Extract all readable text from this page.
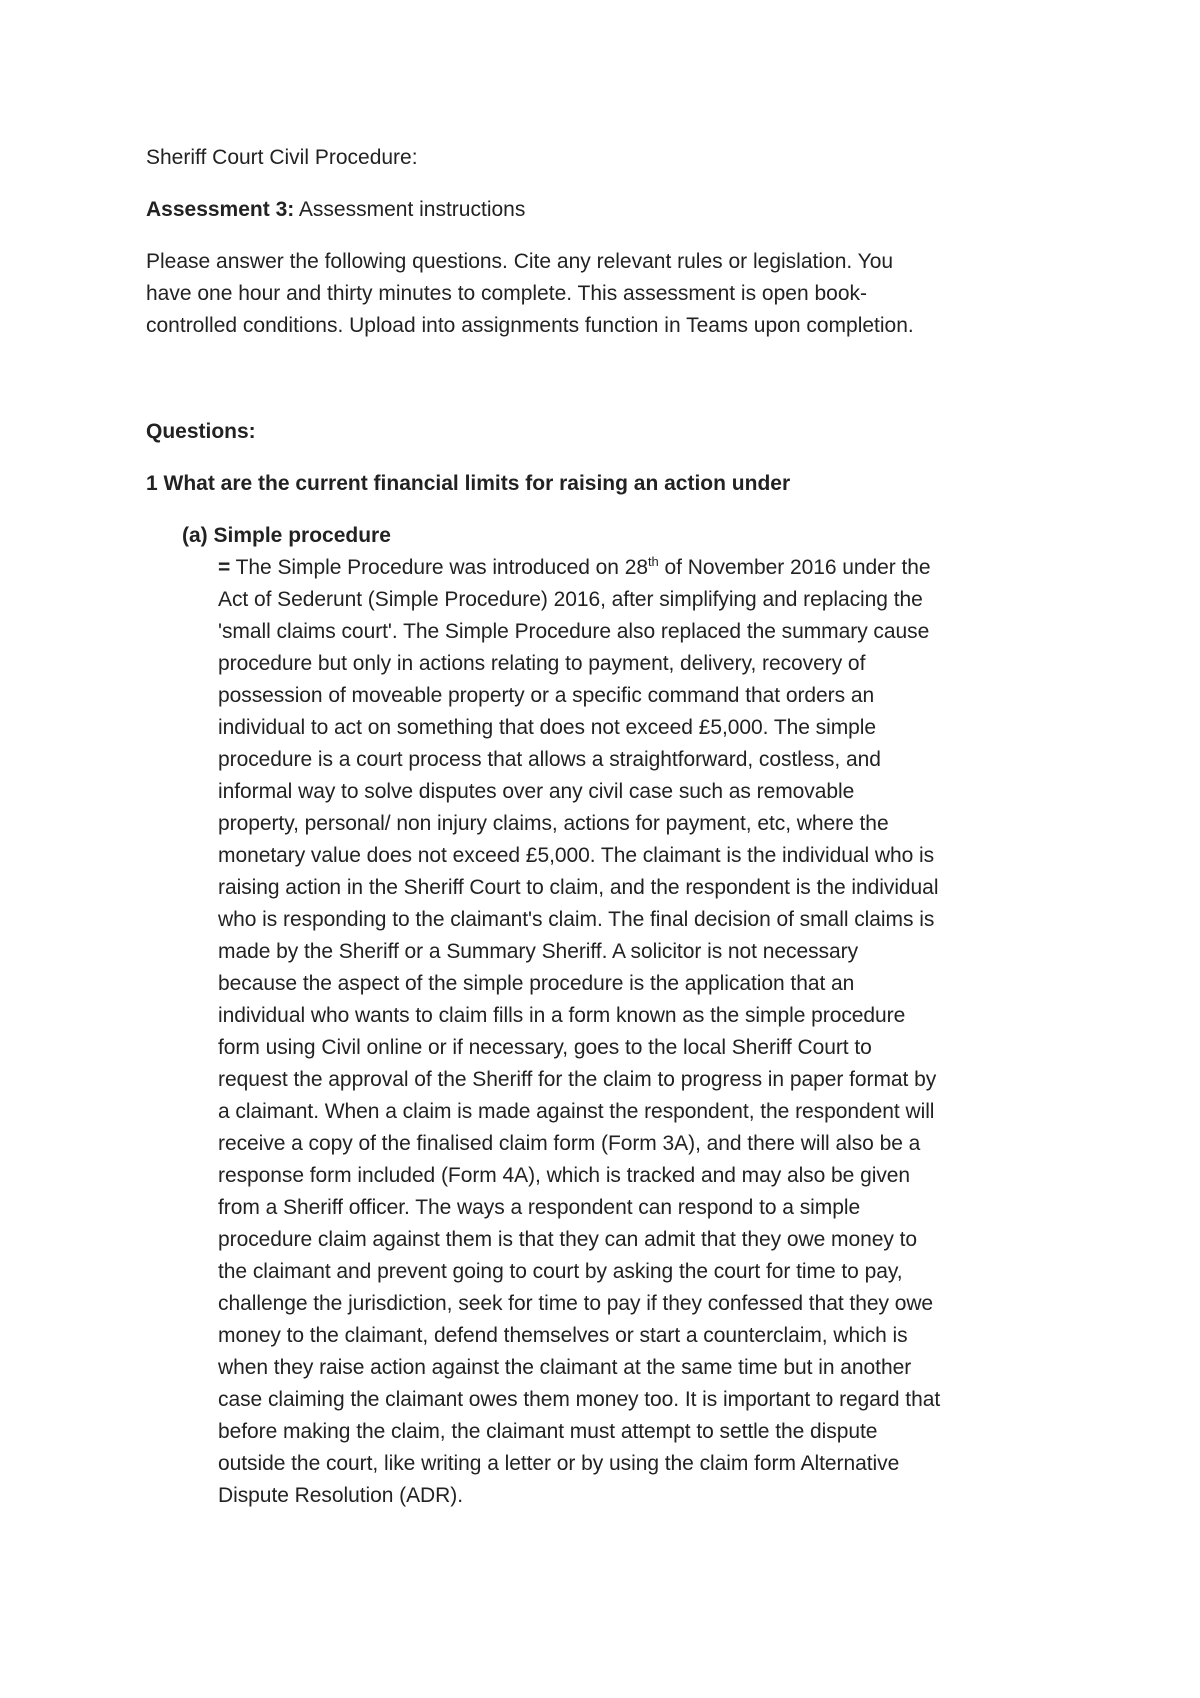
Sheriff Court Civil Procedure:

Assessment 3: Assessment instructions

Please answer the following questions. Cite any relevant rules or legislation. You

have one hour and thirty minutes to complete. This assessment is open book-

controlled conditions. Upload into assignments function in Teams upon completion.

Questions:

1 What are the current financial limits for raising an action under

(a) Simple procedure

= The Simple Procedure was introduced on 28th of November 2016 under the

Act of Sederunt (Simple Procedure) 2016, after simplifying and replacing the

'small claims court'. The Simple Procedure also replaced the summary cause

procedure but only in actions relating to payment, delivery, recovery of

possession of moveable property or a specific command that orders an

individual to act on something that does not exceed £5,000. The simple

procedure is a court process that allows a straightforward, costless, and

informal way to solve disputes over any civil case such as removable

property, personal/ non injury claims, actions for payment, etc, where the

monetary value does not exceed £5,000. The claimant is the individual who is

raising action in the Sheriff Court to claim, and the respondent is the individual

who is responding to the claimant's claim. The final decision of small claims is

made by the Sheriff or a Summary Sheriff. A solicitor is not necessary

because the aspect of the simple procedure is the application that an

individual who wants to claim fills in a form known as the simple procedure

form using Civil online or if necessary, goes to the local Sheriff Court to

request the approval of the Sheriff for the claim to progress in paper format by

a claimant. When a claim is made against the respondent, the respondent will

receive a copy of the finalised claim form (Form 3A), and there will also be a

response form included (Form 4A), which is tracked and may also be given

from a Sheriff officer. The ways a respondent can respond to a simple

procedure claim against them is that they can admit that they owe money to

the claimant and prevent going to court by asking the court for time to pay,

challenge the jurisdiction, seek for time to pay if they confessed that they owe

money to the claimant, defend themselves or start a counterclaim, which is

when they raise action against the claimant at the same time but in another

case claiming the claimant owes them money too. It is important to regard that

before making the claim, the claimant must attempt to settle the dispute

outside the court, like writing a letter or by using the claim form Alternative

Dispute Resolution (ADR).
